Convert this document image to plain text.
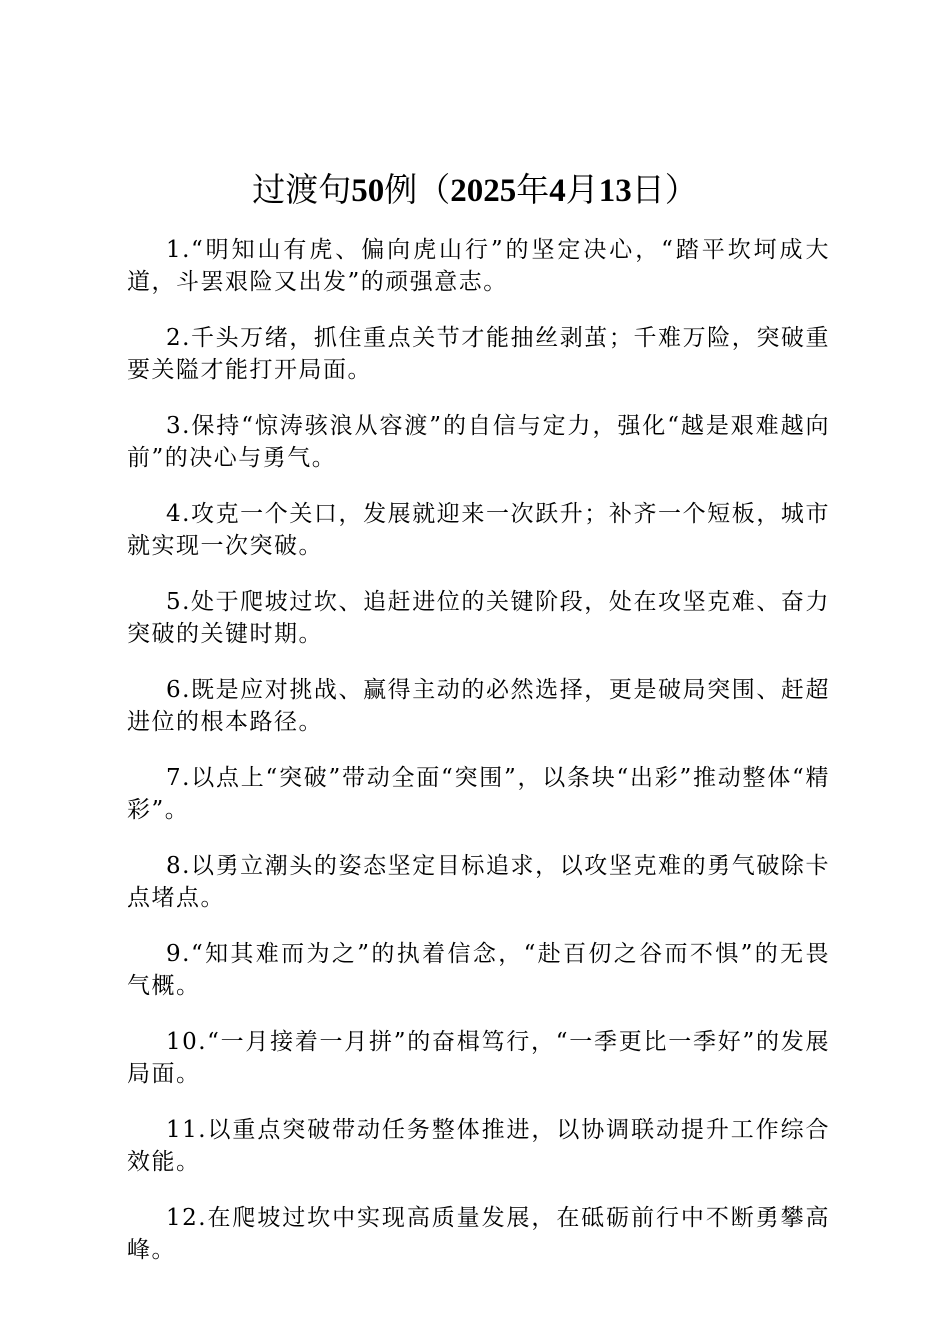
过渡句50例（2025年4月13日）

1.“明知山有虎、偏向虎山行”的坚定决心，“踏平坎坷成大道，斗罢艰险又出发”的顽强意志。

2.千头万绪，抓住重点关节才能抽丝剥茧；千难万险，突破重要关隘才能打开局面。

3.保持“惊涛骇浪从容渡”的自信与定力，强化“越是艰难越向前”的决心与勇气。

4.攻克一个关口，发展就迎来一次跃升；补齐一个短板，城市就实现一次突破。

5.处于爬坡过坎、追赶进位的关键阶段，处在攻坚克难、奋力突破的关键时期。

6.既是应对挑战、赢得主动的必然选择，更是破局突围、赶超进位的根本路径。

7.以点上“突破”带动全面“突围”，以条块“出彩”推动整体“精彩”。

8.以勇立潮头的姿态坚定目标追求，以攻坚克难的勇气破除卡点堵点。

9.“知其难而为之”的执着信念，“赴百仞之谷而不惧”的无畏气概。

10.“一月接着一月拼”的奋楫笃行，“一季更比一季好”的发展局面。

11.以重点突破带动任务整体推进，以协调联动提升工作综合效能。

12.在爬坡过坎中实现高质量发展，在砥砺前行中不断勇攀高峰。
